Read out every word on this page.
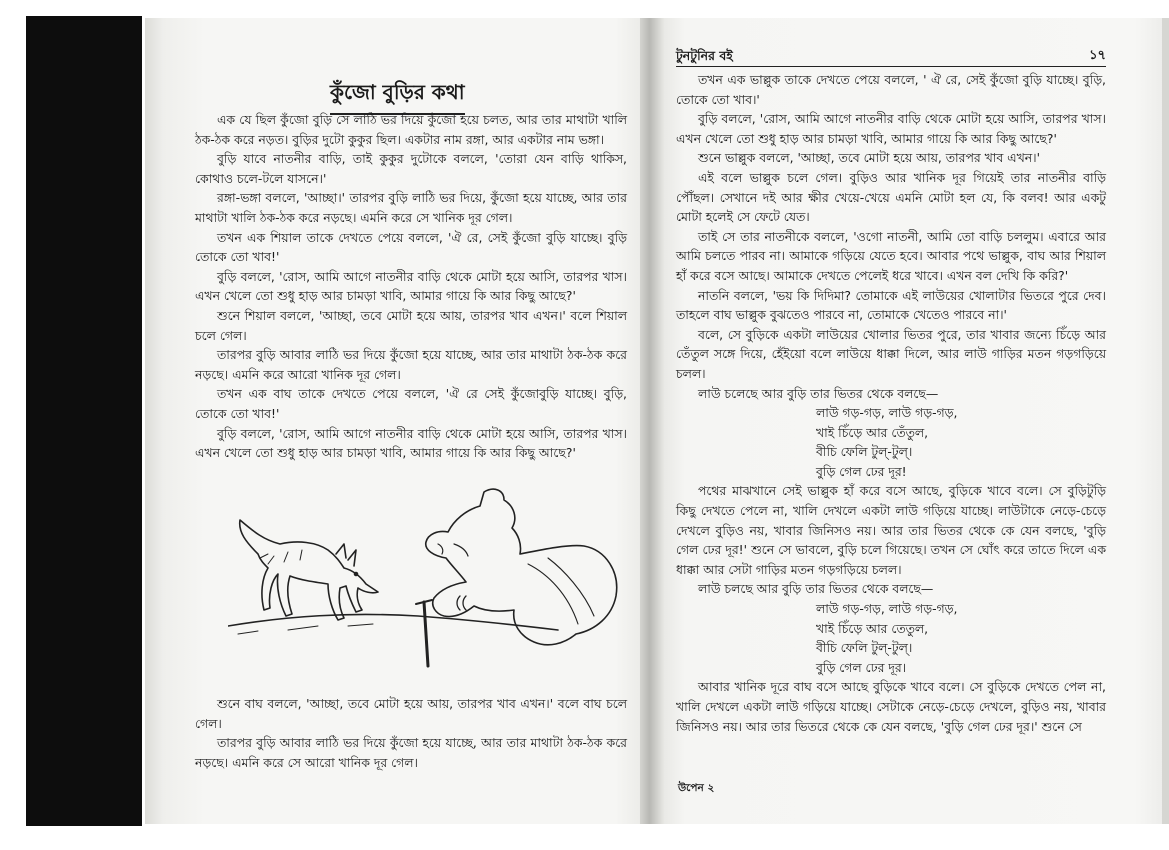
কুঁজো বুড়ির কথা

এক যে ছিল কুঁজো বুড়ি সে লাঠি ভর দিয়ে কুঁজো হয়ে চলত, আর তার মাথাটা খালি ঠক-ঠক করে নড়ত। বুড়ির দুটো কুকুর ছিল। একটার নাম রঙ্গা, আর একটার নাম ভঙ্গা।

বুড়ি যাবে নাতনীর বাড়ি, তাই কুকুর দুটোকে বললে, 'তোরা যেন বাড়ি থাকিস, কোথাও চলে-টলে যাসনে।'

রঙ্গা-ভঙ্গা বললে, 'আচ্ছা।' তারপর বুড়ি লাঠি ভর দিয়ে, কুঁজো হয়ে যাচ্ছে, আর তার মাথাটা খালি ঠক-ঠক করে নড়ছে। এমনি করে সে খানিক দূর গেল।

তখন এক শিয়াল তাকে দেখতে পেয়ে বললে, 'ঐ রে, সেই কুঁজো বুড়ি যাচ্ছে। বুড়ি তোকে তো খাব!'

বুড়ি বললে, 'রোস, আমি আগে নাতনীর বাড়ি থেকে মোটা হয়ে আসি, তারপর খাস। এখন খেলে তো শুধু হাড় আর চামড়া খাবি, আমার গায়ে কি আর কিছু আছে?'

শুনে শিয়াল বললে, 'আচ্ছা, তবে মোটা হয়ে আয়, তারপর খাব এখন।' বলে শিয়াল চলে গেল।

তারপর বুড়ি আবার লাঠি ভর দিয়ে কুঁজো হয়ে যাচ্ছে, আর তার মাথাটা ঠক-ঠক করে নড়ছে। এমনি করে আরো খানিক দূর গেল।

তখন এক বাঘ তাকে দেখতে পেয়ে বললে, 'ঐ রে সেই কুঁজোবুড়ি যাচ্ছে। বুড়ি, তোকে তো খাব!'

বুড়ি বললে, 'রোস, আমি আগে নাতনীর বাড়ি থেকে মোটা হয়ে আসি, তারপর খাস। এখন খেলে তো শুধু হাড় আর চামড়া খাবি, আমার গায়ে কি আর কিছু আছে?'

শুনে বাঘ বললে, 'আচ্ছা, তবে মোটা হয়ে আয়, তারপর খাব এখন।' বলে বাঘ চলে গেল।

তারপর বুড়ি আবার লাঠি ভর দিয়ে কুঁজো হয়ে যাচ্ছে, আর তার মাথাটা ঠক-ঠক করে নড়ছে। এমনি করে সে আরো খানিক দূর গেল।

টুনটুনির বই	১৭

তখন এক ভাল্লুক তাকে দেখতে পেয়ে বললে, ' ঐ রে, সেই কুঁজো বুড়ি যাচ্ছে। বুড়ি, তোকে তো খাব।'

বুড়ি বললে, 'রোস, আমি আগে নাতনীর বাড়ি থেকে মোটা হয়ে আসি, তারপর খাস। এখন খেলে তো শুধু হাড় আর চামড়া খাবি, আমার গায়ে কি আর কিছু আছে?'

শুনে ভাল্লুক বললে, 'আচ্ছা, তবে মোটা হয়ে আয়, তারপর খাব এখন।'

এই বলে ভাল্লুক চলে গেল। বুড়িও আর খানিক দূর গিয়েই তার নাতনীর বাড়ি পৌঁছল। সেখানে দই আর ক্ষীর খেয়ে-খেয়ে এমনি মোটা হল যে, কি বলব! আর একটু মোটা হলেই সে ফেটে যেত।

তাই সে তার নাতনীকে বললে, 'ওগো নাতনী, আমি তো বাড়ি চললুম। এবারে আর আমি চলতে পারব না। আমাকে গড়িয়ে যেতে হবে। আবার পথে ভাল্লুক, বাঘ আর শিয়াল হাঁ করে বসে আছে। আমাকে দেখতে পেলেই ধরে খাবে। এখন বল দেখি কি করি?'

নাতনি বললে, 'ভয় কি দিদিমা? তোমাকে এই লাউয়ের খোলাটার ভিতরে পুরে দেব। তাহলে বাঘ ভাল্লুক বুঝতেও পারবে না, তোমাকে খেতেও পারবে না।'

বলে, সে বুড়িকে একটা লাউয়ের খোলার ভিতর পুরে, তার খাবার জন্যে চিঁড়ে আর তেঁতুল সঙ্গে দিয়ে, হেঁইয়ো বলে লাউয়ে ধাক্কা দিলে, আর লাউ গাড়ির মতন গড়গড়িয়ে চলল।

লাউ চলেছে আর বুড়ি তার ভিতর থেকে বলছে—

লাউ গড়-গড়, লাউ গড়-গড়,

খাই চিঁড়ে আর তেঁতুল,

বীচি ফেলি টুল্-টুল্।

বুড়ি গেল ঢের দূর!

পথের মাঝখানে সেই ভাল্লুক হাঁ করে বসে আছে, বুড়িকে খাবে বলে। সে বুড়িটুড়ি কিছু দেখতে পেলে না, খালি দেখলে একটা লাউ গড়িয়ে যাচ্ছে। লাউটাকে নেড়ে-চেড়ে দেখলে বুড়িও নয়, খাবার জিনিসও নয়। আর তার ভিতর থেকে কে যেন বলছে, 'বুড়ি গেল ঢের দূর!' শুনে সে ভাবলে, বুড়ি চলে গিয়েছে। তখন সে ঘোঁৎ করে তাতে দিলে এক ধাক্কা আর সেটা গাড়ির মতন গড়গড়িয়ে চলল।

লাউ চলছে আর বুড়ি তার ভিতর থেকে বলছে—

লাউ গড়-গড়, লাউ গড়-গড়,

খাই চিঁড়ে আর তেতুল,

বীচি ফেলি টুল্-টুল্।

বুড়ি গেল ঢের দূর।

আবার খানিক দূরে বাঘ বসে আছে বুড়িকে খাবে বলে। সে বুড়িকে দেখতে পেল না, খালি দেখলে একটা লাউ গড়িয়ে যাচ্ছে। সেটাকে নেড়ে-চেড়ে দেখলে, বুড়িও নয়, খাবার জিনিসও নয়। আর তার ভিতরে থেকে কে যেন বলছে, 'বুড়ি গেল ঢের দূর।' শুনে সে

উপেন ২
